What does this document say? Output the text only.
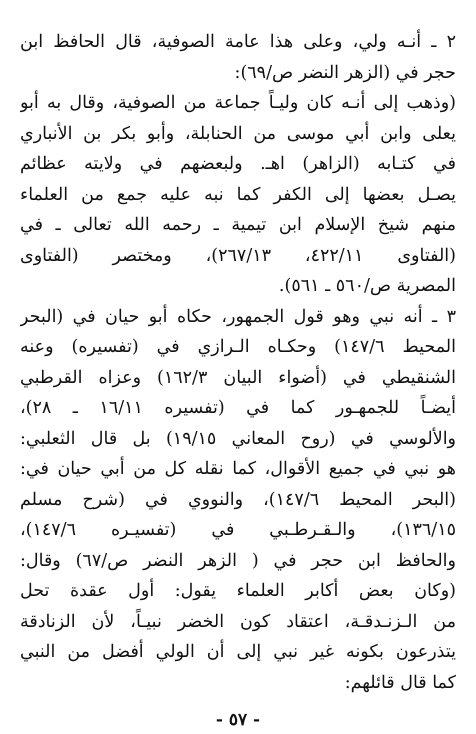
٢ ـ أنـه ولي، وعلى هذا عامة الصوفية، قال الحافظ ابن
حجر في (الزهر النضر ص/٦٩):
(وذهب إلى أنـه كان وليـاً جماعة من الصوفية، وقال به أبو
يعلى وابن أبي موسى من الحنابلة، وأبو بكر بن الأنباري
في كتـابه (الزاهر) اهـ. ولبعضهم في ولايته عظائم
يصـل بعضها إلى الكفر كما نبه عليه جمع من العلماء
منهم شيخ الإسلام ابن تيمية ـ رحمه الله تعالى ـ في
(الفتاوى ٤٢٢/١١، ٢٦٧/١٣)، ومختصر (الفتاوى
المصرية ص/٥٦٠ ـ ٥٦١).
٣ ـ أنه نبي وهو قول الجمهور، حكاه أبو حيان في (البحر
المحيط ١٤٧/٦) وحكـاه الـرازي في (تفسيره) وعنه
الشنقيطي في (أضواء البيان ١٦٢/٣) وعزاه القرطبي
أيضـاً للجمهـور كما في (تفسيره ١٦/١١ ـ ٢٨)،
والألوسي في (روح المعاني ١٩/١٥) بل قال الثعلبي:
هو نبي في جميع الأقوال، كما نقله كل من أبي حيان في:
(البحر المحيط ١٤٧/٦)، والنووي في (شرح مسلم
١٣٦/١٥)، والـقـرطـبي في (تفسيـره ١٤٧/٦)،
والحافظ ابن حجر في ( الزهر النضر ص/٦٧) وقال:
(وكان بعض أكابر العلماء يقول: أول عقدة تحل
من الـزنـدقـة، اعتقاد كون الخضر نبيـاً، لأن الزنادقة
يتذرعون بكونه غير نبي إلى أن الولي أفضل من النبي
كما قال قائلهم:
- ٥٧ -
